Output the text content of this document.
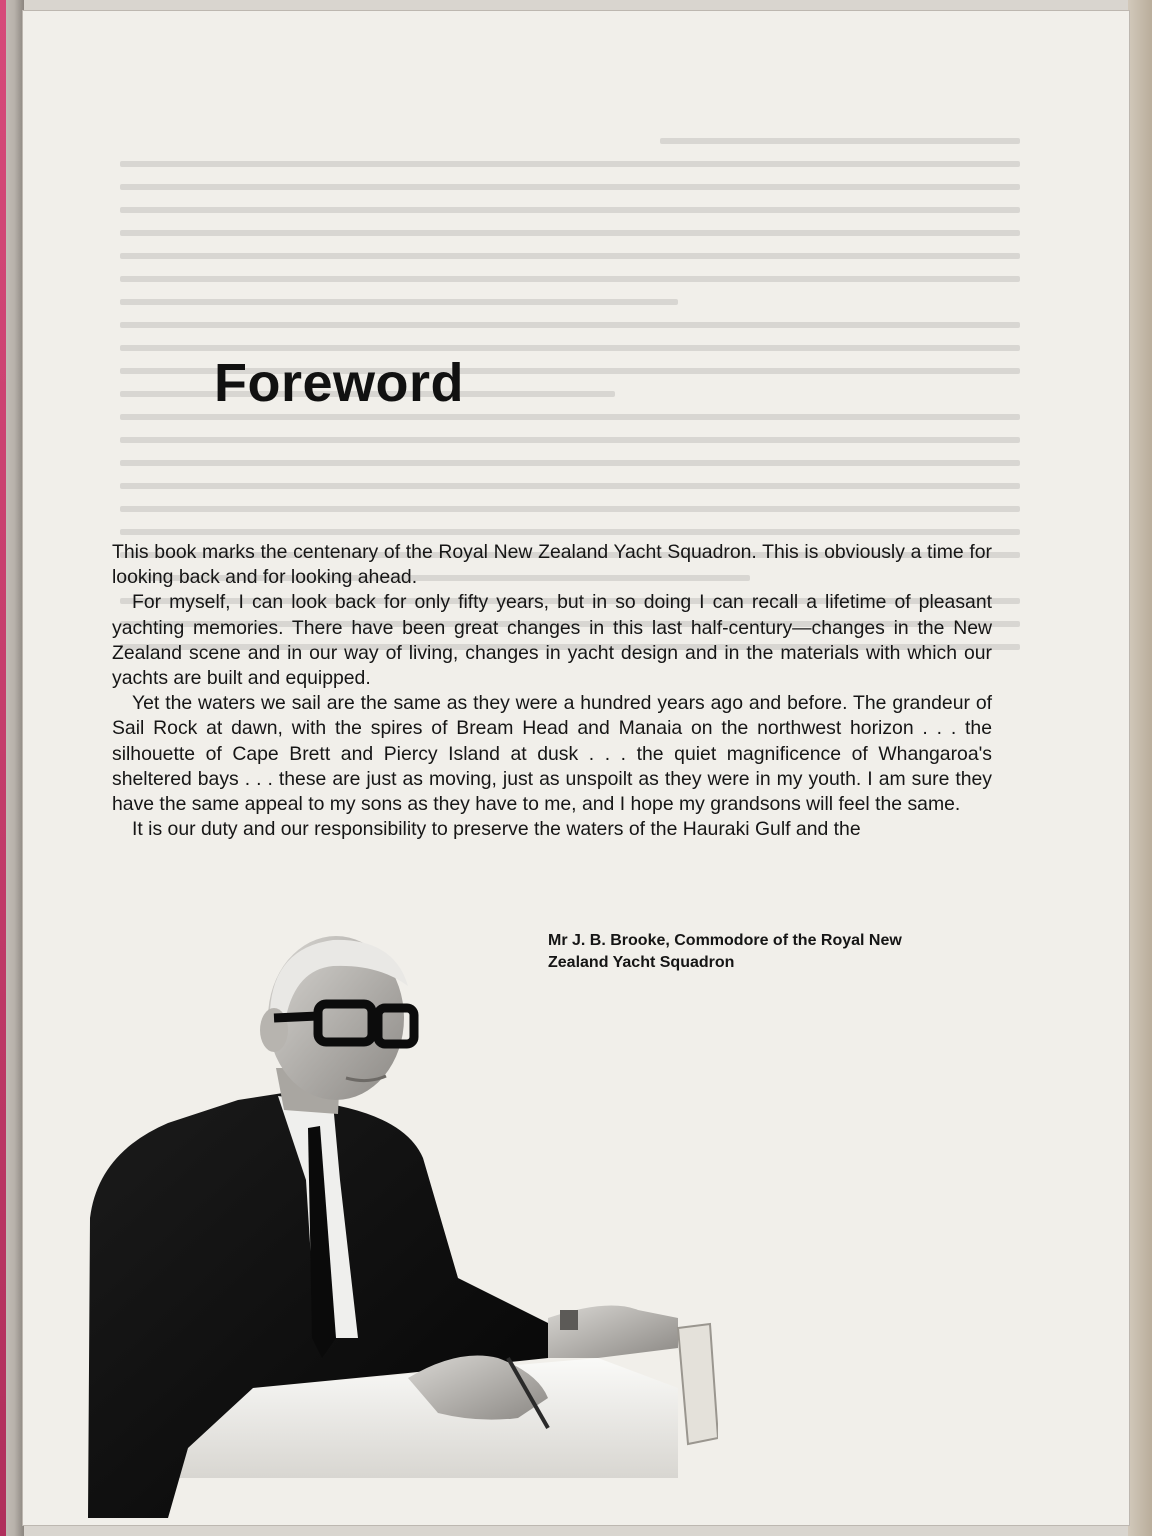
Foreword

This book marks the centenary of the Royal New Zealand Yacht Squadron. This is obviously a time for looking back and for looking ahead.

For myself, I can look back for only fifty years, but in so doing I can recall a lifetime of pleasant yachting memories. There have been great changes in this last half-century—changes in the New Zealand scene and in our way of living, changes in yacht design and in the materials with which our yachts are built and equipped.

Yet the waters we sail are the same as they were a hundred years ago and before. The grandeur of Sail Rock at dawn, with the spires of Bream Head and Manaia on the northwest horizon . . . the silhouette of Cape Brett and Piercy Island at dusk . . . the quiet magnificence of Whangaroa's sheltered bays . . . these are just as moving, just as unspoilt as they were in my youth. I am sure they have the same appeal to my sons as they have to me, and I hope my grandsons will feel the same.

It is our duty and our responsibility to preserve the waters of the Hauraki Gulf and the

Mr J. B. Brooke, Commodore of the Royal New
Zealand Yacht Squadron
